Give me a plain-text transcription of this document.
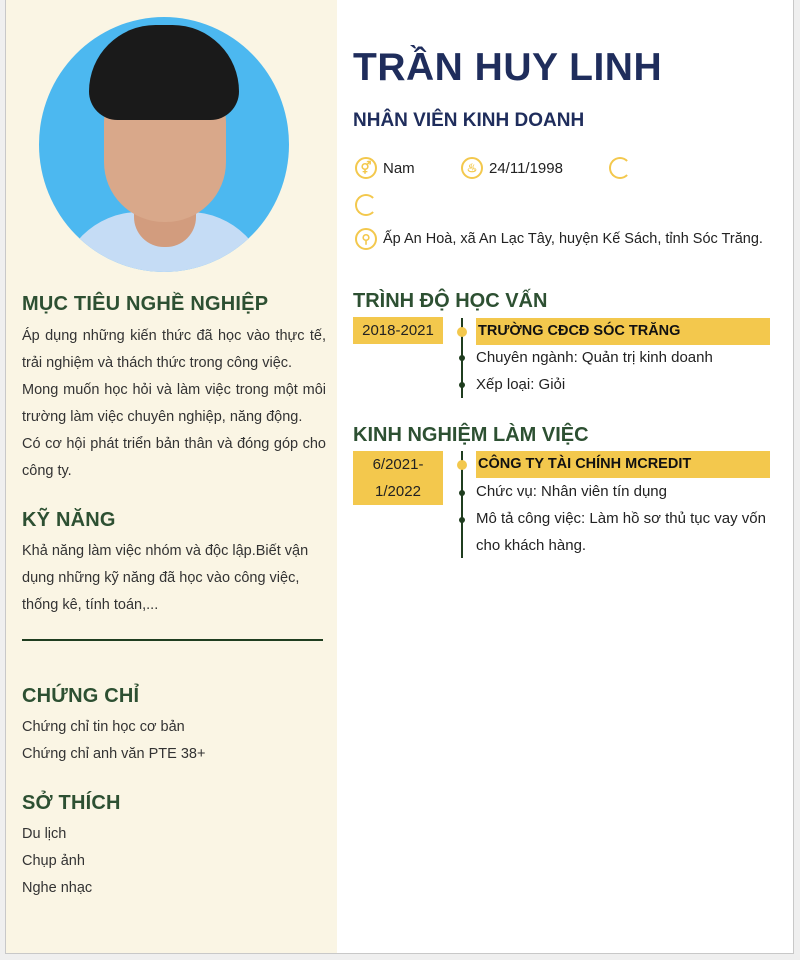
MỤC TIÊU NGHỀ NGHIỆP

Áp dụng những kiến thức đã học vào thực tế, trải nghiệm và thách thức trong công việc.

Mong muốn học hỏi và làm việc trong một môi trường làm việc chuyên nghiệp, năng động.

Có cơ hội phát triển bản thân và đóng góp cho công ty.

KỸ NĂNG

Khả năng làm việc nhóm và độc lập.Biết vận dụng những kỹ năng đã học vào công việc, thống kê, tính toán,...

CHỨNG CHỈ
Chứng chỉ tin học cơ bản
Chứng chỉ anh văn PTE 38+
SỞ THÍCH
Du lịch
Chụp ảnh
Nghe nhạc
TRẦN HUY LINH
NHÂN VIÊN KINH DOANH
⚥ Nam	♨ 24/11/1998
⚲ Ấp An Hoà, xã An Lạc Tây, huyện Kế Sách, tỉnh Sóc Trăng.
TRÌNH ĐỘ HỌC VẤN
2018-2021	TRƯỜNG CĐCĐ SÓC TRĂNG
Chuyên ngành: Quản trị kinh doanh
Xếp loại: Giỏi
KINH NGHIỆM LÀM VIỆC
6/2021-
1/2022
CÔNG TY TÀI CHÍNH MCREDIT
Chức vụ: Nhân viên tín dụng
Mô tả công việc: Làm hồ sơ thủ tục vay vốn cho khách hàng.
